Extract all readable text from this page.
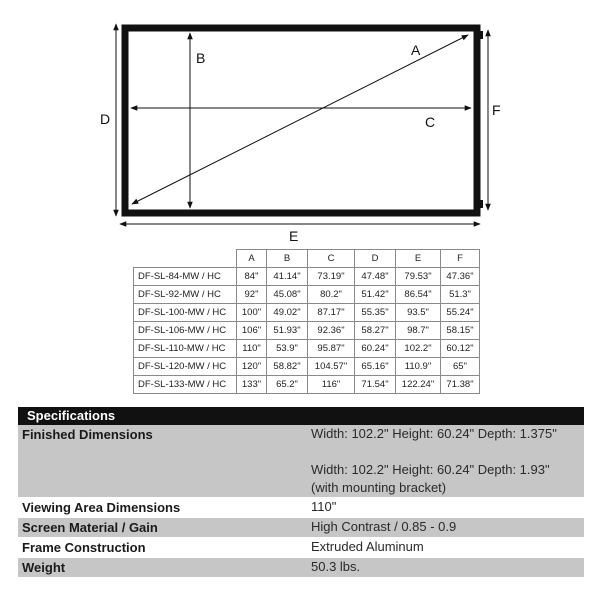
A
B
C
D
E
F
	A	B	C	D	E	F
DF-SL-84-MW / HC	84"	41.14"	73.19"	47.48"	79.53"	47.36"
DF-SL-92-MW / HC	92"	45.08"	80.2"	51.42"	86.54"	51.3"
DF-SL-100-MW / HC	100"	49.02"	87.17"	55.35"	93.5"	55.24"
DF-SL-106-MW / HC	106"	51.93"	92.36"	58.27"	98.7"	58.15"
DF-SL-110-MW / HC	110"	53.9"	95.87"	60.24"	102.2"	60.12"
DF-SL-120-MW / HC	120"	58.82"	104.57"	65.16"	110.9"	65"
DF-SL-133-MW / HC	133"	65.2"	116"	71.54"	122.24"	71.38"
Specifications
Finished Dimensions	Width: 102.2" Height: 60.24" Depth: 1.375"

Width: 102.2" Height: 60.24" Depth: 1.93"

(with mounting bracket)

Viewing Area Dimensions	110"
Screen Material / Gain	High Contrast / 0.85 - 0.9
Frame Construction	Extruded Aluminum
Weight	50.3 lbs.
